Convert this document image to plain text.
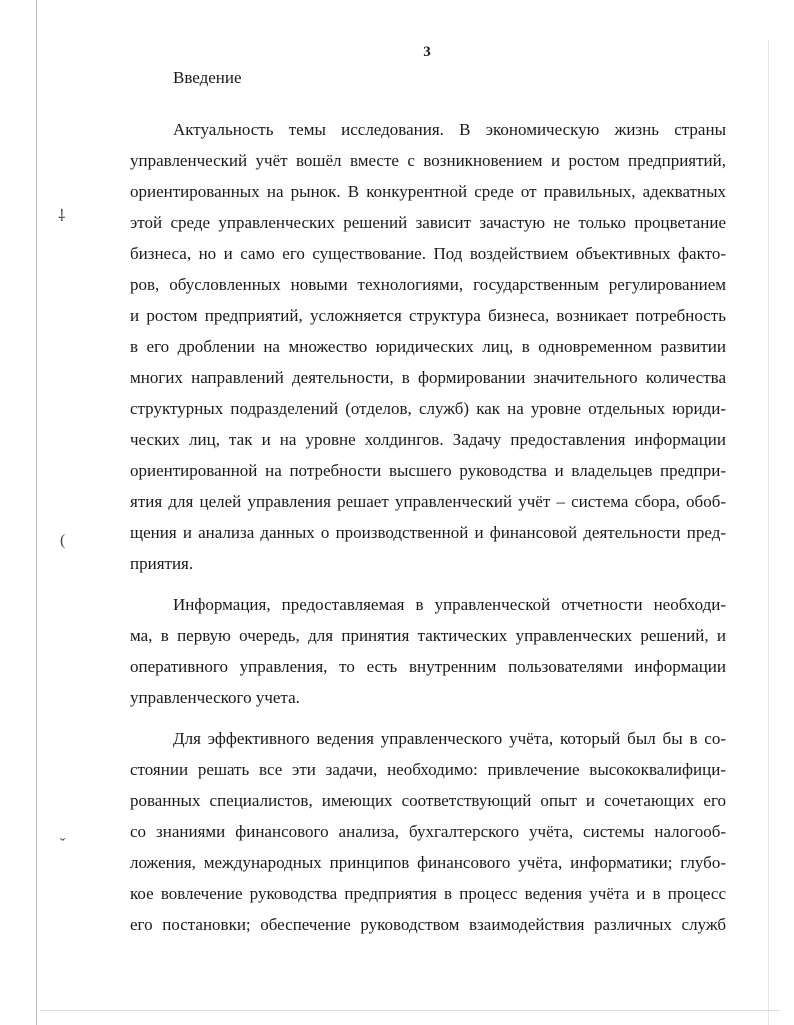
⸸
(
ˇ
3
Введение
Актуальность темы исследования. В экономическую жизнь страны
управленческий учёт вошёл вместе с возникновением и ростом предприятий,
ориентированных на рынок. В конкурентной среде от правильных, адекватных
этой среде управленческих решений зависит зачастую не только процветание
бизнеса, но и само его существование. Под воздействием объективных факто-
ров, обусловленных новыми технологиями, государственным регулированием
и ростом предприятий, усложняется структура бизнеса, возникает потребность
в его дроблении на множество юридических лиц, в одновременном развитии
многих направлений деятельности, в формировании значительного количества
структурных подразделений (отделов, служб) как на уровне отдельных юриди-
ческих лиц, так и на уровне холдингов. Задачу предоставления информации
ориентированной на потребности высшего руководства и владельцев предпри-
ятия для целей управления решает управленческий учёт – система сбора, обоб-
щения и анализа данных о производственной и финансовой деятельности пред-
приятия.
Информация, предоставляемая в управленческой отчетности необходи-
ма, в первую очередь, для принятия тактических управленческих решений, и
оперативного управления, то есть внутренним пользователями информации
управленческого учета.
Для эффективного ведения управленческого учёта, который был бы в со-
стоянии решать все эти задачи, необходимо: привлечение высококвалифици-
рованных специалистов, имеющих соответствующий опыт и сочетающих его
со знаниями финансового анализа, бухгалтерского учёта, системы налогооб-
ложения, международных принципов финансового учёта, информатики; глубо-
кое вовлечение руководства предприятия в процесс ведения учёта и в процесс
его постановки; обеспечение руководством взаимодействия различных служб
